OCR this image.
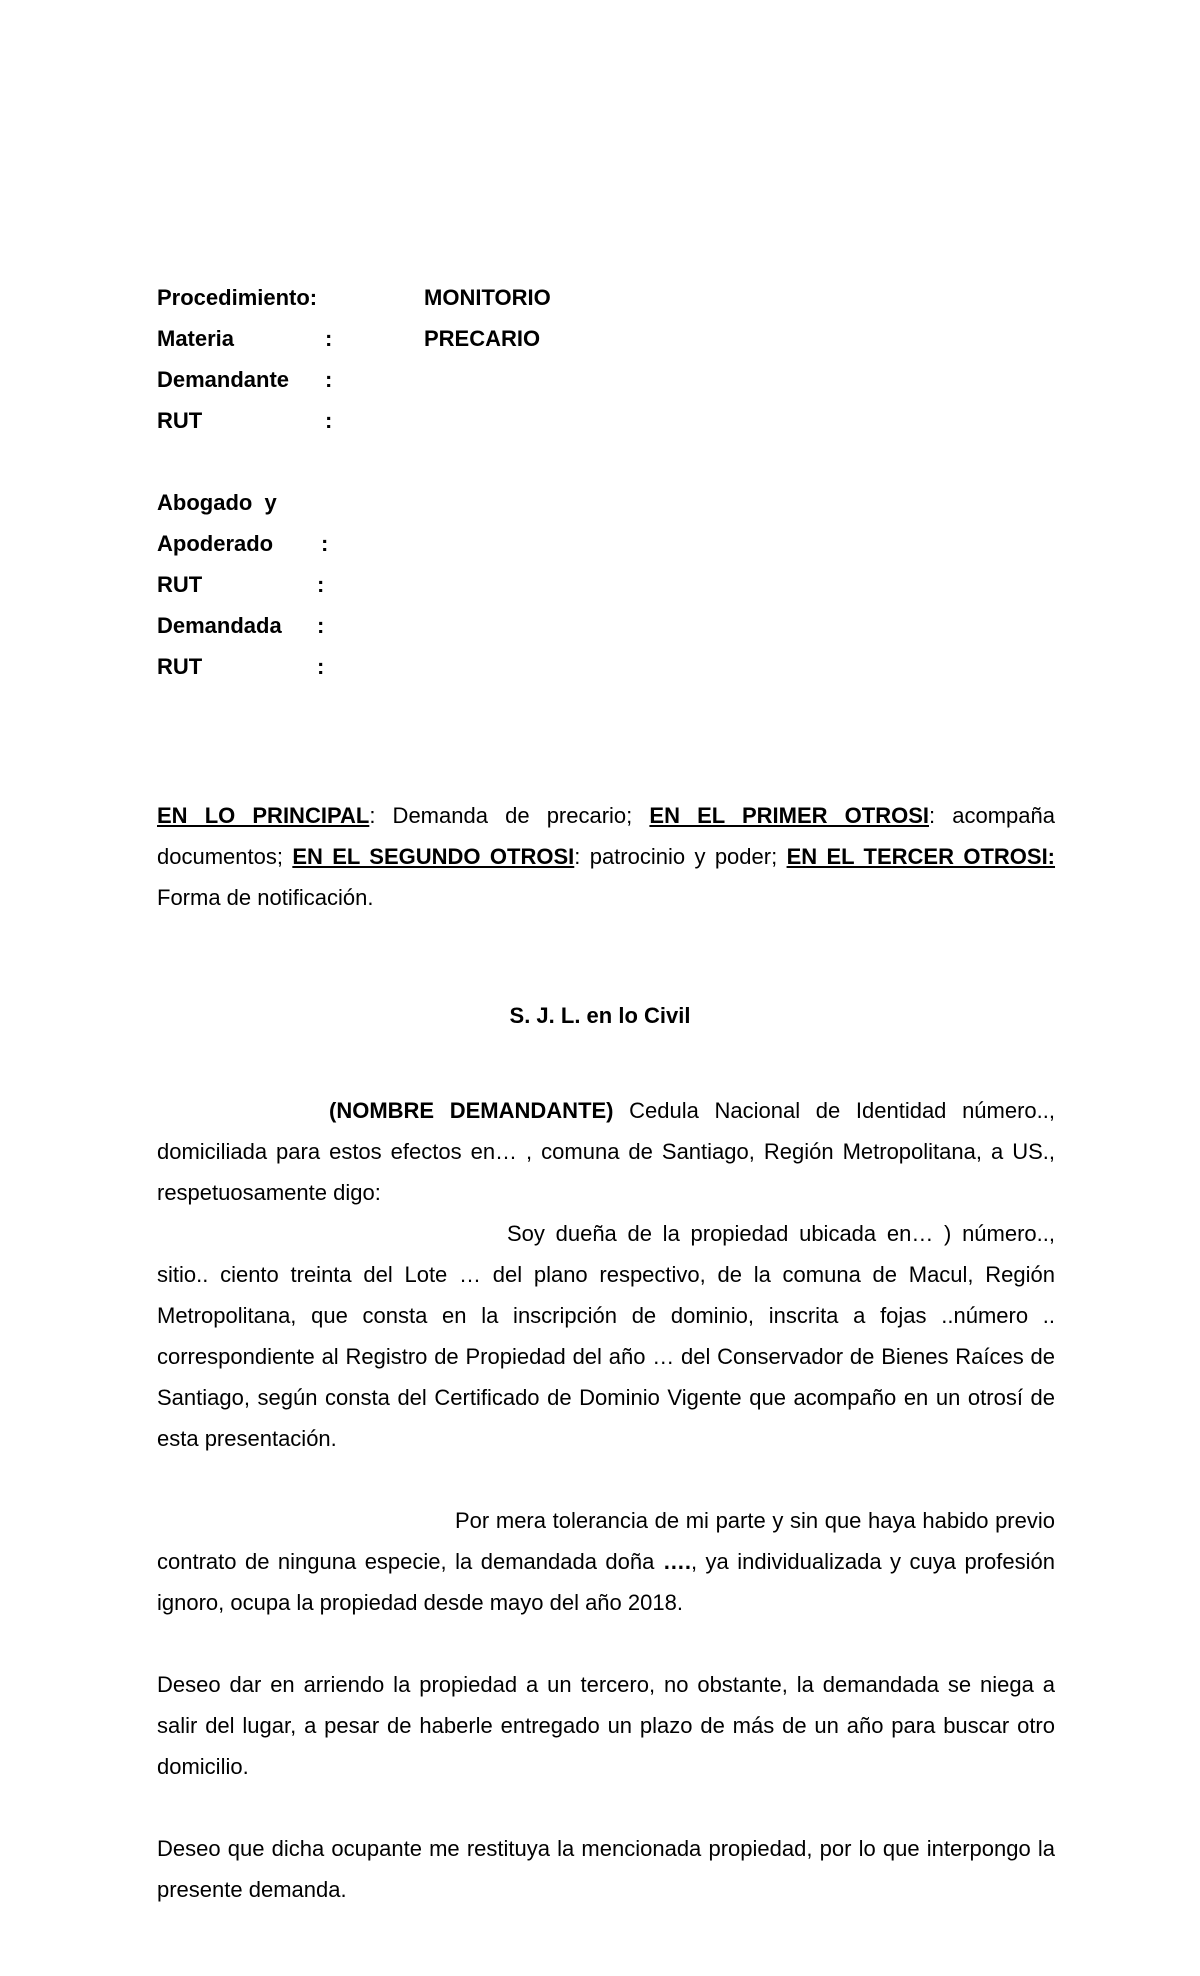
Procedimiento:	MONITORIO
Materia	:	PRECARIO
Demandante :
RUT	:
Abogado  y
Apoderado :
RUT	:
Demandada :
RUT	:
EN LO PRINCIPAL: Demanda de precario; EN EL PRIMER OTROSI: acompaña documentos; EN EL SEGUNDO OTROSI: patrocinio y poder; EN EL TERCER OTROSI: Forma de notificación.
S. J. L. en lo Civil
(NOMBRE DEMANDANTE) Cedula Nacional de Identidad número.., domiciliada para estos efectos en… , comuna de Santiago, Región Metropolitana, a US., respetuosamente digo:
Soy dueña de la propiedad ubicada en… ) número.., sitio.. ciento treinta del Lote … del plano respectivo, de la comuna de Macul, Región Metropolitana, que consta en la inscripción de dominio, inscrita a fojas ..número .. correspondiente al Registro de Propiedad del año … del Conservador de Bienes Raíces de Santiago, según consta del Certificado de Dominio Vigente que acompaño en un otrosí de esta presentación.
Por mera tolerancia de mi parte y sin que haya habido previo contrato de ninguna especie, la demandada doña …., ya individualizada y cuya profesión ignoro, ocupa la propiedad desde mayo del año 2018.
Deseo dar en arriendo la propiedad a un tercero, no obstante, la demandada se niega a salir del lugar, a pesar de haberle entregado un plazo de más de un año para buscar otro domicilio.
Deseo que dicha ocupante me restituya la mencionada propiedad, por lo que interpongo la presente demanda.
